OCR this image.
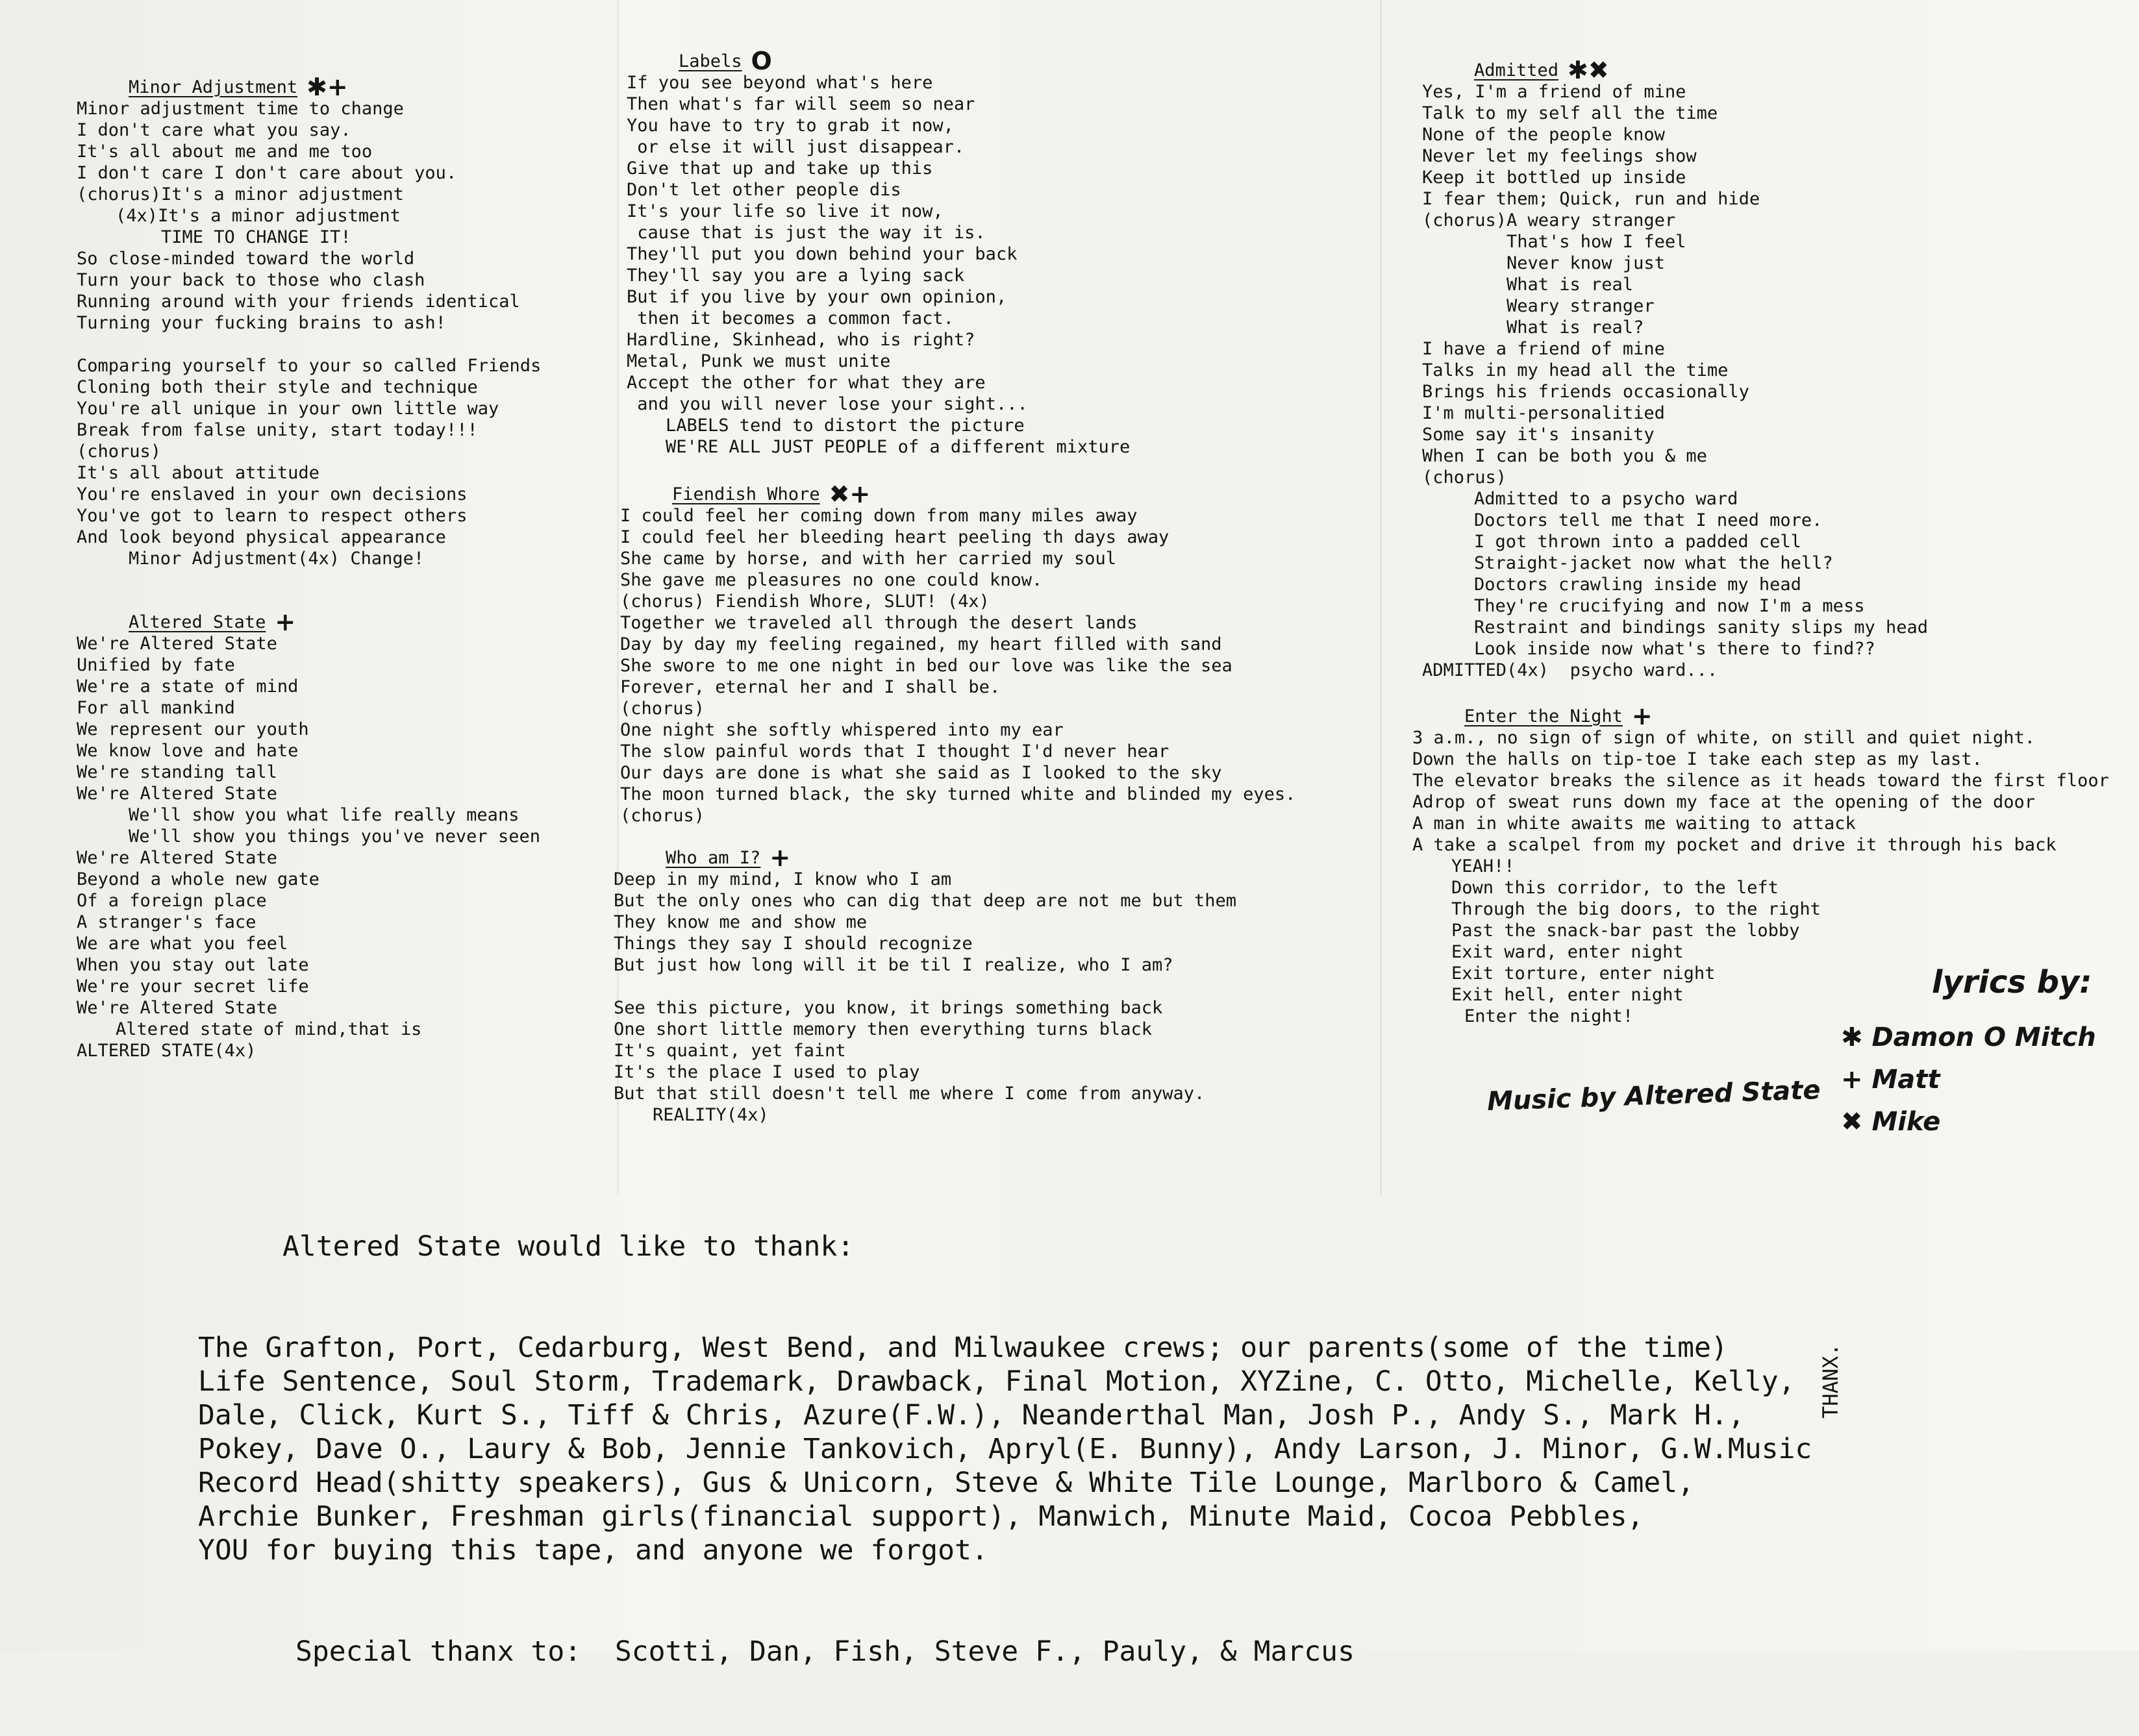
Minor Adjustment ✱+
Minor adjustment time to change
I don't care what you say.
It's all about me and me too
I don't care I don't care about you.
(chorus)It's a minor adjustment
(4x)It's a minor adjustment
TIME TO CHANGE IT!
So close-minded toward the world
Turn your back to those who clash
Running around with your friends identical
Turning your fucking brains to ash!

Comparing yourself to your so called Friends
Cloning both their style and technique
You're all unique in your own little way
Break from false unity, start today!!!
(chorus)
It's all about attitude
You're enslaved in your own decisions
You've got to learn to respect others
And look beyond physical appearance
Minor Adjustment(4x) Change!
Altered State +
We're Altered State
Unified by fate
We're a state of mind
For all mankind
We represent our youth
We know love and hate
We're standing tall
We're Altered State
We'll show you what life really means
We'll show you things you've never seen
We're Altered State
Beyond a whole new gate
Of a foreign place
A stranger's face
We are what you feel
When you stay out late
We're your secret life
We're Altered State
Altered state of mind,that is
ALTERED STATE(4x)
Labels O
If you see beyond what's here
Then what's far will seem so near
You have to try to grab it now,
or else it will just disappear.
Give that up and take up this
Don't let other people dis
It's your life so live it now,
cause that is just the way it is.
They'll put you down behind your back
They'll say you are a lying sack
But if you live by your own opinion,
then it becomes a common fact.
Hardline, Skinhead, who is right?
Metal, Punk we must unite
Accept the other for what they are
and you will never lose your sight...
LABELS tend to distort the picture
WE'RE ALL JUST PEOPLE of a different mixture
Fiendish Whore ✖+
I could feel her coming down from many miles away
I could feel her bleeding heart peeling th days away
She came by horse, and with her carried my soul
She gave me pleasures no one could know.
(chorus) Fiendish Whore, SLUT! (4x)
Together we traveled all through the desert lands
Day by day my feeling regained, my heart filled with sand
She swore to me one night in bed our love was like the sea
Forever, eternal her and I shall be.
(chorus)
One night she softly whispered into my ear
The slow painful words that I thought I'd never hear
Our days are done is what she said as I looked to the sky
The moon turned black, the sky turned white and blinded my eyes.
(chorus)
Who am I? +
Deep in my mind, I know who I am
But the only ones who can dig that deep are not me but them
They know me and show me
Things they say I should recognize
But just how long will it be til I realize, who I am?

See this picture, you know, it brings something back
One short little memory then everything turns black
It's quaint, yet faint
It's the place I used to play
But that still doesn't tell me where I come from anyway.
REALITY(4x)
Admitted ✱✖
Yes, I'm a friend of mine
Talk to my self all the time
None of the people know
Never let my feelings show
Keep it bottled up inside
I fear them; Quick, run and hide
(chorus)A weary stranger
That's how I feel
Never know just
What is real
Weary stranger
What is real?
I have a friend of mine
Talks in my head all the time
Brings his friends occasionally
I'm multi-personalitied
Some say it's insanity
When I can be both you & me
(chorus)
Admitted to a psycho ward
Doctors tell me that I need more.
I got thrown into a padded cell
Straight-jacket now what the hell?
Doctors crawling inside my head
They're crucifying and now I'm a mess
Restraint and bindings sanity slips my head
Look inside now what's there to find??
ADMITTED(4x)  psycho ward...
Enter the Night +
3 a.m., no sign of sign of white, on still and quiet night.
Down the halls on tip-toe I take each step as my last.
The elevator breaks the silence as it heads toward the first floor
Adrop of sweat runs down my face at the opening of the door
A man in white awaits me waiting to attack
A take a scalpel from my pocket and drive it through his back
YEAH!!
Down this corridor, to the left
Through the big doors, to the right
Past the snack-bar past the lobby
Exit ward, enter night
Exit torture, enter night
Exit hell, enter night
Enter the night!
lyrics by:
✱ Damon O Mitch
+ Matt
✖ Mike
Music by Altered State

Altered State would like to thank:

The Grafton, Port, Cedarburg, West Bend, and Milwaukee crews; our parents(some of the time)
Life Sentence, Soul Storm, Trademark, Drawback, Final Motion, XYZine, C. Otto, Michelle, Kelly,
Dale, Click, Kurt S., Tiff & Chris, Azure(F.W.), Neanderthal Man, Josh P., Andy S., Mark H.,
Pokey, Dave O., Laury & Bob, Jennie Tankovich, Apryl(E. Bunny), Andy Larson, J. Minor, G.W.Music
Record Head(shitty speakers), Gus & Unicorn, Steve & White Tile Lounge, Marlboro & Camel,
Archie Bunker, Freshman girls(financial support), Manwich, Minute Maid, Cocoa Pebbles,
YOU for buying this tape, and anyone we forgot.

Special thanx to:  Scotti, Dan, Fish, Steve F., Pauly, & Marcus

THANX.
